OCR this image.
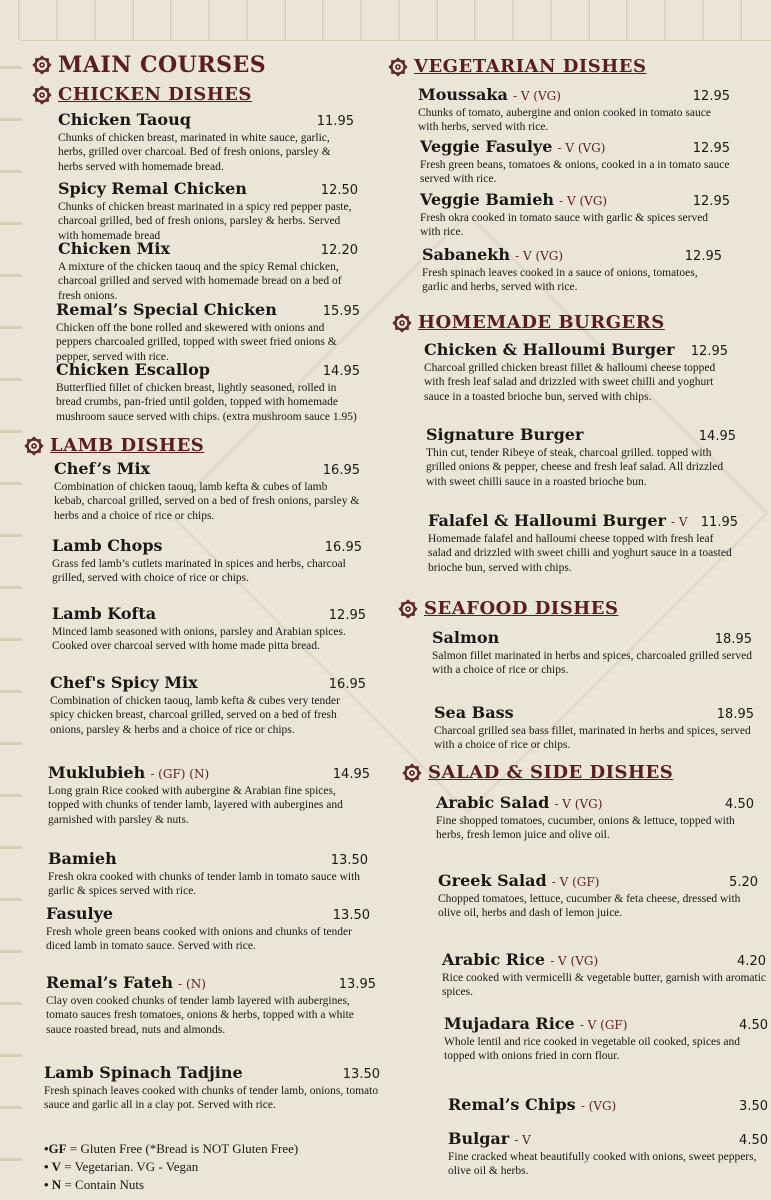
MAIN COURSES
CHICKEN DISHES
LAMB DISHES
VEGETARIAN DISHES
HOMEMADE BURGERS
SEAFOOD DISHES
SALAD & SIDE DISHES
Chicken Taouq	11.95
Chunks of chicken breast, marinated in white sauce, garlic, herbs, grilled over charcoal. Bed of fresh onions, parsley & herbs served with homemade bread.
Spicy Remal Chicken	12.50
Chunks of chicken breast marinated in a spicy red pepper paste, charcoal grilled, bed of fresh onions, parsley & herbs. Served with homemade bread
Chicken Mix	12.20
A mixture of the chicken taouq and the spicy Remal chicken, charcoal grilled and served with homemade bread on a bed of fresh onions.
Remal’s Special Chicken	15.95
Chicken off the bone rolled and skewered with onions and peppers charcoaled grilled, topped with sweet fried onions & pepper, served with rice.
Chicken Escallop	14.95
Butterflied fillet of chicken breast, lightly seasoned, rolled in bread crumbs, pan-fried until golden, topped with homemade mushroom sauce served with chips. (extra mushroom sauce 1.95)
Chef’s Mix	16.95
Combination of chicken taouq, lamb kefta & cubes of lamb kebab, charcoal grilled, served on a bed of fresh onions, parsley & herbs and a choice of rice or chips.
Lamb Chops	16.95
Grass fed lamb’s cutlets marinated in spices and herbs, charcoal grilled, served with choice of rice or chips.
Lamb Kofta	12.95
Minced lamb seasoned with onions, parsley and Arabian spices. Cooked over charcoal served with home made pitta bread.
Chef's Spicy Mix	16.95
Combination of chicken taouq, lamb kefta & cubes very tender spicy chicken breast, charcoal grilled, served on a bed of fresh onions, parsley & herbs and a choice of rice or chips.
Muklubieh - (GF) (N)	14.95
Long grain Rice cooked with aubergine & Arabian fine spices, topped with chunks of tender lamb, layered with aubergines and garnished with parsley & nuts.
Bamieh	13.50
Fresh okra cooked with chunks of tender lamb in tomato sauce with garlic & spices served with rice.
Fasulye	13.50
Fresh whole green beans cooked with onions and chunks of tender diced lamb in tomato sauce. Served with rice.
Remal’s Fateh - (N)	13.95
Clay oven cooked chunks of tender lamb layered with aubergines, tomato sauces fresh tomatoes, onions & herbs, topped with a white sauce roasted bread, nuts and almonds.
Lamb Spinach Tadjine	13.50
Fresh spinach leaves cooked with chunks of tender lamb, onions, tomato sauce and garlic all in a clay pot. Served with rice.
Moussaka - V (VG)	12.95
Chunks of tomato, aubergine and onion cooked in tomato sauce with herbs, served with rice.
Veggie Fasulye - V (VG)	12.95
Fresh green beans, tomatoes & onions, cooked in a in tomato sauce served with rice.
Veggie Bamieh - V (VG)	12.95
Fresh okra cooked in tomato sauce with garlic & spices served with rice.
Sabanekh - V (VG)	12.95
Fresh spinach leaves cooked in a sauce of onions, tomatoes, garlic and herbs, served with rice.
Chicken & Halloumi Burger 12.95
Charcoal grilled chicken breast fillet & halloumi cheese topped with fresh leaf salad and drizzled with sweet chilli and yoghurt sauce in a toasted brioche bun, served with chips.
Signature Burger	14.95
Thin cut, tender Ribeye of steak, charcoal grilled. topped with grilled onions & pepper, cheese and fresh leaf salad. All drizzled with sweet chilli sauce in a roasted brioche bun.
Falafel & Halloumi Burger - V 11.95
Homemade falafel and halloumi cheese topped with fresh leaf salad and drizzled with sweet chilli and yoghurt sauce in a toasted brioche bun, served with chips.
Salmon	18.95
Salmon fillet marinated in herbs and spices, charcoaled grilled served with a choice of rice or chips.
Sea Bass	18.95
Charcoal grilled sea bass fillet, marinated in herbs and spices, served with a choice of rice or chips.
Arabic Salad - V (VG)	4.50
Fine shopped tomatoes, cucumber, onions & lettuce, topped with herbs, fresh lemon juice and olive oil.
Greek Salad - V (GF)	5.20
Chopped tomatoes, lettuce, cucumber & feta cheese, dressed with olive oil, herbs and dash of lemon juice.
Arabic Rice - V (VG)	4.20
Rice cooked with vermicelli & vegetable butter, garnish with aromatic spices.
Mujadara Rice - V (GF)	4.50
Whole lentil and rice cooked in vegetable oil cooked, spices and topped with onions fried in corn flour.
Remal’s Chips - (VG)	3.50
Bulgar - V	4.50
Fine cracked wheat beautifully cooked with onions, sweet peppers, olive oil & herbs.
•GF = Gluten Free (*Bread is NOT Gluten Free)
• V = Vegetarian. VG - Vegan
• N = Contain Nuts
